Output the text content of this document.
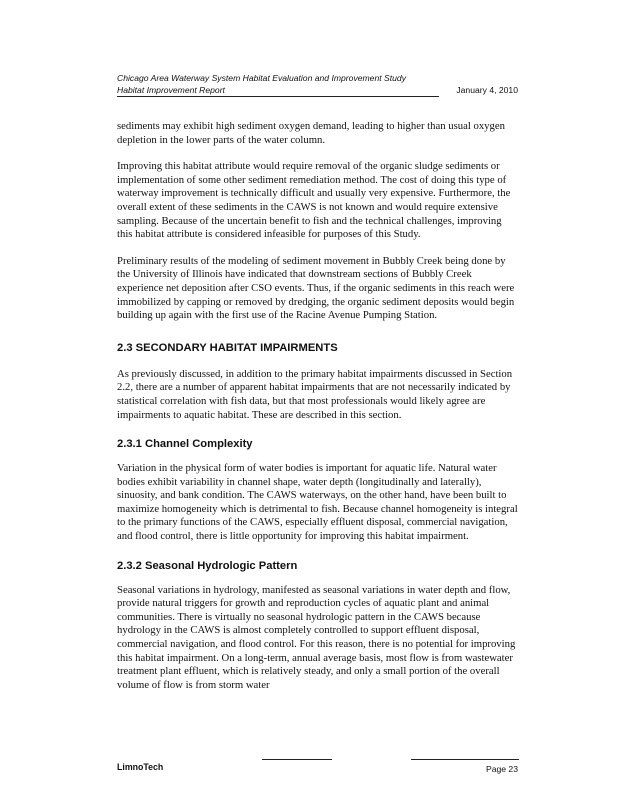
Chicago Area Waterway System Habitat Evaluation and Improvement Study
Habitat Improvement Report	January 4, 2010

sediments may exhibit high sediment oxygen demand, leading to higher than usual oxygen depletion in the lower parts of the water column.

Improving this habitat attribute would require removal of the organic sludge sediments or implementation of some other sediment remediation method. The cost of doing this type of waterway improvement is technically difficult and usually very expensive. Furthermore, the overall extent of these sediments in the CAWS is not known and would require extensive sampling. Because of the uncertain benefit to fish and the technical challenges, improving this habitat attribute is considered infeasible for purposes of this Study.

Preliminary results of the modeling of sediment movement in Bubbly Creek being done by the University of Illinois have indicated that downstream sections of Bubbly Creek experience net deposition after CSO events. Thus, if the organic sediments in this reach were immobilized by capping or removed by dredging, the organic sediment deposits would begin building up again with the first use of the Racine Avenue Pumping Station.

2.3 SECONDARY HABITAT IMPAIRMENTS

As previously discussed, in addition to the primary habitat impairments discussed in Section 2.2, there are a number of apparent habitat impairments that are not necessarily indicated by statistical correlation with fish data, but that most professionals would likely agree are impairments to aquatic habitat. These are described in this section.

2.3.1 Channel Complexity

Variation in the physical form of water bodies is important for aquatic life. Natural water bodies exhibit variability in channel shape, water depth (longitudinally and laterally), sinuosity, and bank condition. The CAWS waterways, on the other hand, have been built to maximize homogeneity which is detrimental to fish. Because channel homogeneity is integral to the primary functions of the CAWS, especially effluent disposal, commercial navigation, and flood control, there is little opportunity for improving this habitat impairment.

2.3.2 Seasonal Hydrologic Pattern

Seasonal variations in hydrology, manifested as seasonal variations in water depth and flow, provide natural triggers for growth and reproduction cycles of aquatic plant and animal communities. There is virtually no seasonal hydrologic pattern in the CAWS because hydrology in the CAWS is almost completely controlled to support effluent disposal, commercial navigation, and flood control. For this reason, there is no potential for improving this habitat impairment. On a long-term, annual average basis, most flow is from wastewater treatment plant effluent, which is relatively steady, and only a small portion of the overall volume of flow is from storm water

LimnoTech	Page 23
